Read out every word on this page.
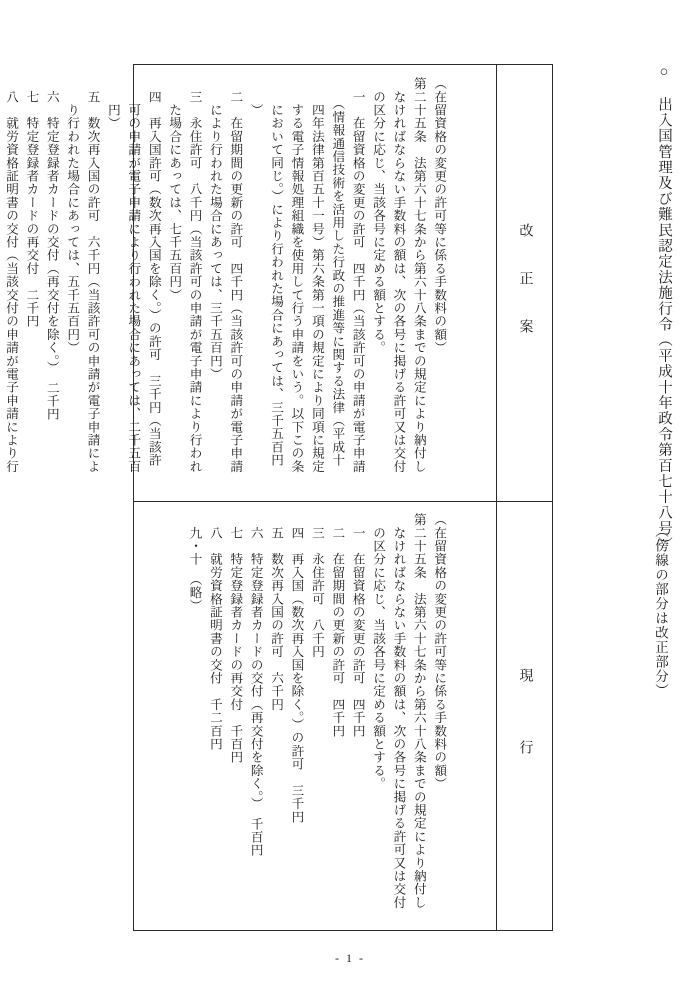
○　出入国管理及び難民認定法施行令（平成十年政令第百七十八号）
（傍線の部分は改正部分）
改　正　案
現　　行

（在留資格の変更の許可等に係る手数料の額）
第二十五条　法第六十七条から第六十八条までの規定により納付し
　なければならない手数料の額は、次の各号に掲げる許可又は交付
　の区分に応じ、当該各号に定める額とする。
　一　在留資格の変更の許可　四千円（当該許可の申請が電子申請
　　（情報通信技術を活用した行政の推進等に関する法律（平成十
　　四年法律第百五十一号）第六条第一項の規定により同項に規定
　　する電子情報処理組織を使用して行う申請をいう。以下この条
　　において同じ。）により行われた場合にあっては、三千五百円
　　）
　二　在留期間の更新の許可　四千円（当該許可の申請が電子申請
　　により行われた場合にあっては、三千五百円）
　三　永住許可　八千円（当該許可の申請が電子申請により行われ
　　た場合にあっては、七千五百円）
　四　再入国許可（数次再入国を除く。）の許可　三千円（当該許
　　可の申請が電子申請により行われた場合にあっては、二千五百
　　円）
　五　数次再入国の許可　六千円（当該許可の申請が電子申請によ
　　り行われた場合にあっては、五千五百円）
　六　特定登録者カードの交付（再交付を除く。）　二千円
　七　特定登録者カードの再交付　二千円
　八　就労資格証明書の交付（当該交付の申請が電子申請により行

（在留資格の変更の許可等に係る手数料の額）
第二十五条　法第六十七条から第六十八条までの規定により納付し
　なければならない手数料の額は、次の各号に掲げる許可又は交付
　の区分に応じ、当該各号に定める額とする。
　一　在留資格の変更の許可　四千円
　二　在留期間の更新の許可　四千円
　三　永住許可　八千円
　四　再入国（数次再入国を除く。）の許可　三千円
　五　数次再入国の許可　六千円
　六　特定登録者カードの交付（再交付を除く。）　千百円
　七　特定登録者カードの再交付　千百円
　八　就労資格証明書の交付　千二百円
　九・十　（略）

- 1 -
